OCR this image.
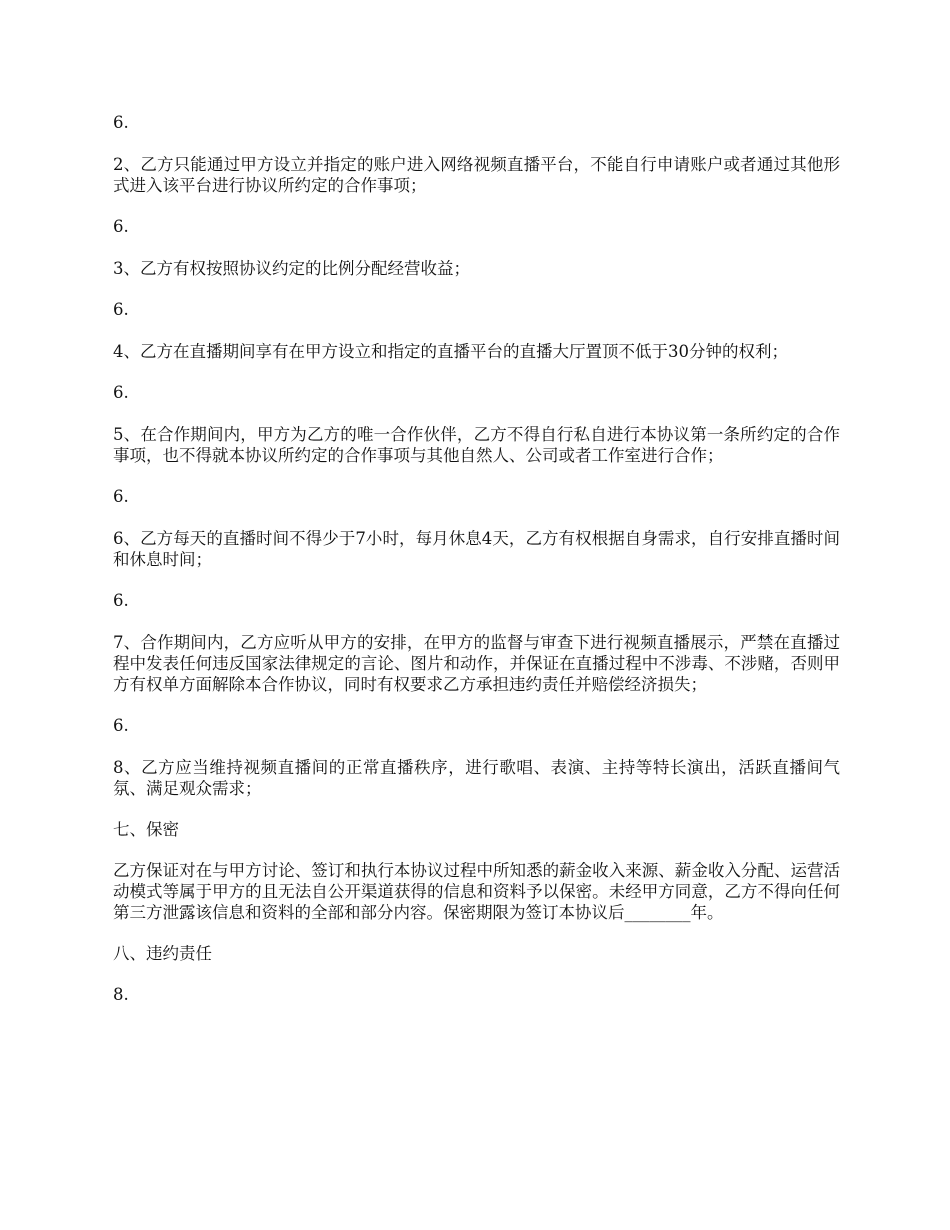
6.

2、乙方只能通过甲方设立并指定的账户进入网络视频直播平台，不能自行申请账户或者通过其他形式进入该平台进行协议所约定的合作事项；

6.

3、乙方有权按照协议约定的比例分配经营收益；

6.

4、乙方在直播期间享有在甲方设立和指定的直播平台的直播大厅置顶不低于30分钟的权利；

6.

5、在合作期间内，甲方为乙方的唯一合作伙伴，乙方不得自行私自进行本协议第一条所约定的合作事项，也不得就本协议所约定的合作事项与其他自然人、公司或者工作室进行合作；

6.

6、乙方每天的直播时间不得少于7小时，每月休息4天，乙方有权根据自身需求，自行安排直播时间和休息时间；

6.

7、合作期间内，乙方应听从甲方的安排，在甲方的监督与审查下进行视频直播展示，严禁在直播过程中发表任何违反国家法律规定的言论、图片和动作，并保证在直播过程中不涉毒、不涉赌，否则甲方有权单方面解除本合作协议，同时有权要求乙方承担违约责任并赔偿经济损失；

6.

8、乙方应当维持视频直播间的正常直播秩序，进行歌唱、表演、主持等特长演出，活跃直播间气氛、满足观众需求；

七、保密

乙方保证对在与甲方讨论、签订和执行本协议过程中所知悉的薪金收入来源、薪金收入分配、运营活动模式等属于甲方的且无法自公开渠道获得的信息和资料予以保密。未经甲方同意，乙方不得向任何第三方泄露该信息和资料的全部和部分内容。保密期限为签订本协议后________年。

八、违约责任

8.
